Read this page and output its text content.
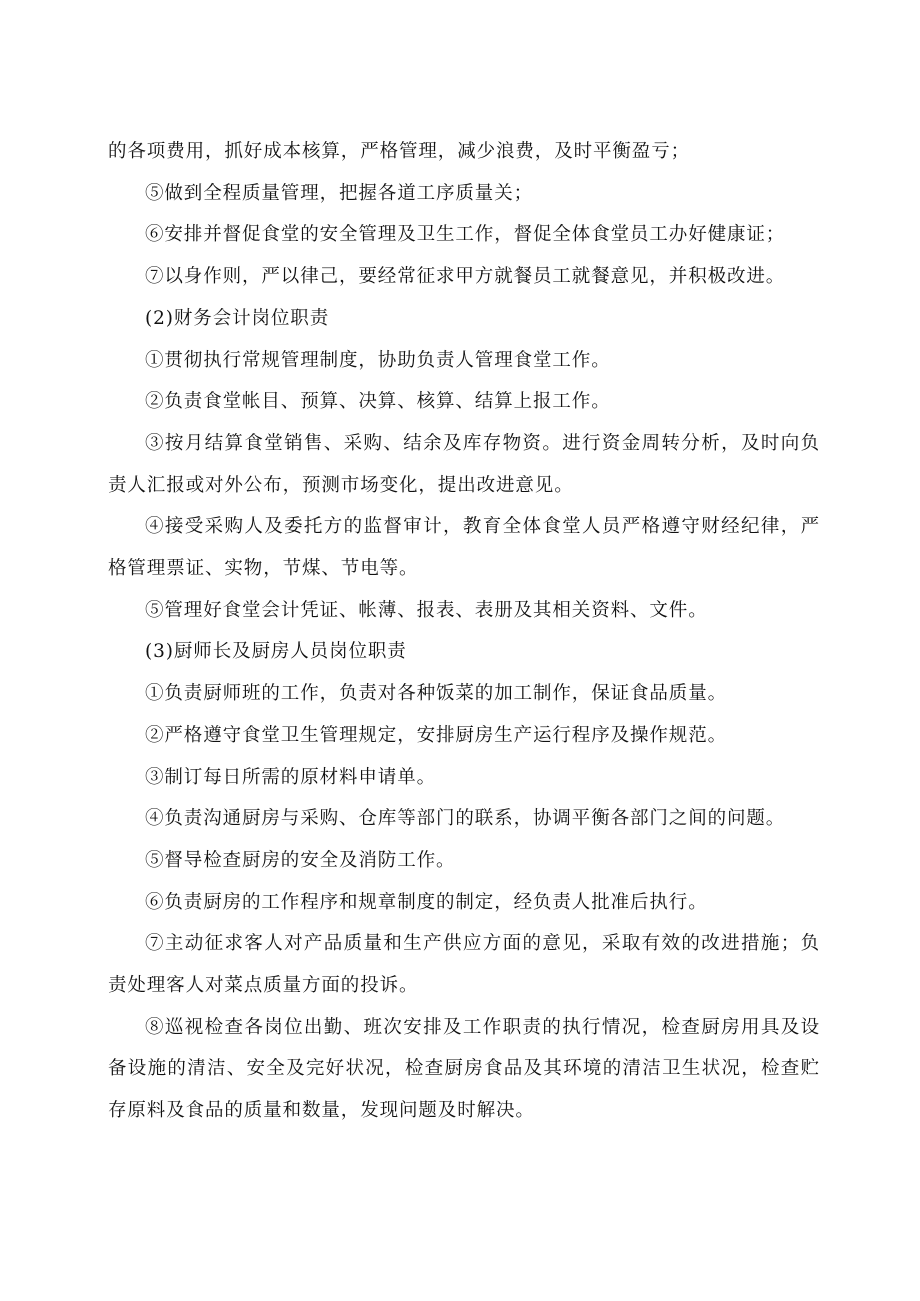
的各项费用，抓好成本核算，严格管理，减少浪费，及时平衡盈亏；

⑤做到全程质量管理，把握各道工序质量关；

⑥安排并督促食堂的安全管理及卫生工作，督促全体食堂员工办好健康证；

⑦以身作则，严以律己，要经常征求甲方就餐员工就餐意见，并积极改进。

(2)财务会计岗位职责

①贯彻执行常规管理制度，协助负责人管理食堂工作。

②负责食堂帐目、预算、决算、核算、结算上报工作。

③按月结算食堂销售、采购、结余及库存物资。进行资金周转分析，及时向负责人汇报或对外公布，预测市场变化，提出改进意见。

④接受采购人及委托方的监督审计，教育全体食堂人员严格遵守财经纪律，严格管理票证、实物，节煤、节电等。

⑤管理好食堂会计凭证、帐薄、报表、表册及其相关资料、文件。

(3)厨师长及厨房人员岗位职责

①负责厨师班的工作，负责对各种饭菜的加工制作，保证食品质量。

②严格遵守食堂卫生管理规定，安排厨房生产运行程序及操作规范。

③制订每日所需的原材料申请单。

④负责沟通厨房与采购、仓库等部门的联系，协调平衡各部门之间的问题。

⑤督导检查厨房的安全及消防工作。

⑥负责厨房的工作程序和规章制度的制定，经负责人批准后执行。

⑦主动征求客人对产品质量和生产供应方面的意见，采取有效的改进措施；负责处理客人对菜点质量方面的投诉。

⑧巡视检查各岗位出勤、班次安排及工作职责的执行情况，检查厨房用具及设备设施的清洁、安全及完好状况，检查厨房食品及其环境的清洁卫生状况，检查贮存原料及食品的质量和数量，发现问题及时解决。
